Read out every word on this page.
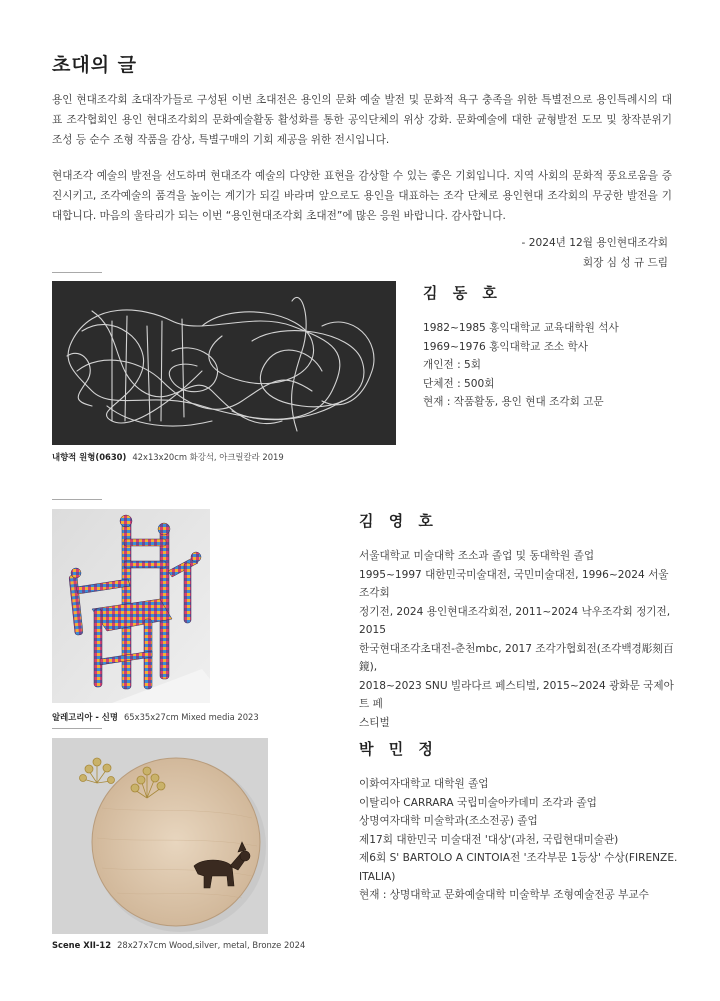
초대의 글

용인 현대조각회 초대작가들로 구성된 이번 초대전은 용인의 문화 예술 발전 및 문화적 욕구 충족을 위한 특별전으로 용인특례시의 대표 조각협회인 용인 현대조각회의 문화예술활동 활성화를 통한 공익단체의 위상 강화. 문화예술에 대한 균형발전 도모 및 창작분위기 조성 등 순수 조형 작품을 감상, 특별구매의 기회 제공을 위한 전시입니다.

현대조각 예술의 발전을 선도하며 현대조각 예술의 다양한 표현을 감상할 수 있는 좋은 기회입니다. 지역 사회의 문화적 풍요로움을 증진시키고, 조각예술의 품격을 높이는 계기가 되길 바라며 앞으로도 용인을 대표하는 조각 단체로 용인현대 조각회의 무궁한 발전을 기대합니다. 마음의 울타리가 되는 이번 “용인현대조각회 초대전”에 많은 응원 바랍니다. 감사합니다.

- 2024년 12월 용인현대조각회
회장 심 성 규 드림
내향적 원형(0630) 42x13x20cm 화강석, 아크릴칼라 2019
김 동 호
1982~1985 홍익대학교 교육대학원 석사
1969~1976 홍익대학교 조소 학사
개인전 : 5회
단체전 : 500회
현재 : 작품활동, 용인 현대 조각회 고문
알레고리아 - 신명 65x35x27cm Mixed media 2023
김 영 호
서울대학교 미술대학 조소과 졸업 및 동대학원 졸업
1995~1997 대한민국미술대전, 국민미술대전, 1996~2024 서울조각회
정기전, 2024 용인현대조각회전, 2011~2024 낙우조각회 정기전, 2015
한국현대조각초대전-춘천mbc, 2017 조각가협회전(조각백경彫刻百鏡),
2018~2023 SNU 빌라다르 페스티벌, 2015~2024 광화문 국제아트 페
스티벌
Scene XII-12 28x27x7cm Wood,silver, metal, Bronze 2024
박 민 정
이화여자대학교 대학원 졸업
이탈리아 CARRARA 국립미술아카데미 조각과 졸업
상명여자대학 미술학과(조소전공) 졸업
제17회 대한민국 미술대전 '대상'(과천, 국립현대미술관)
제6회 S' BARTOLO A CINTOIA전 '조각부문 1등상' 수상(FIRENZE.
ITALIA)
현재 : 상명대학교 문화예술대학 미술학부 조형예술전공 부교수
